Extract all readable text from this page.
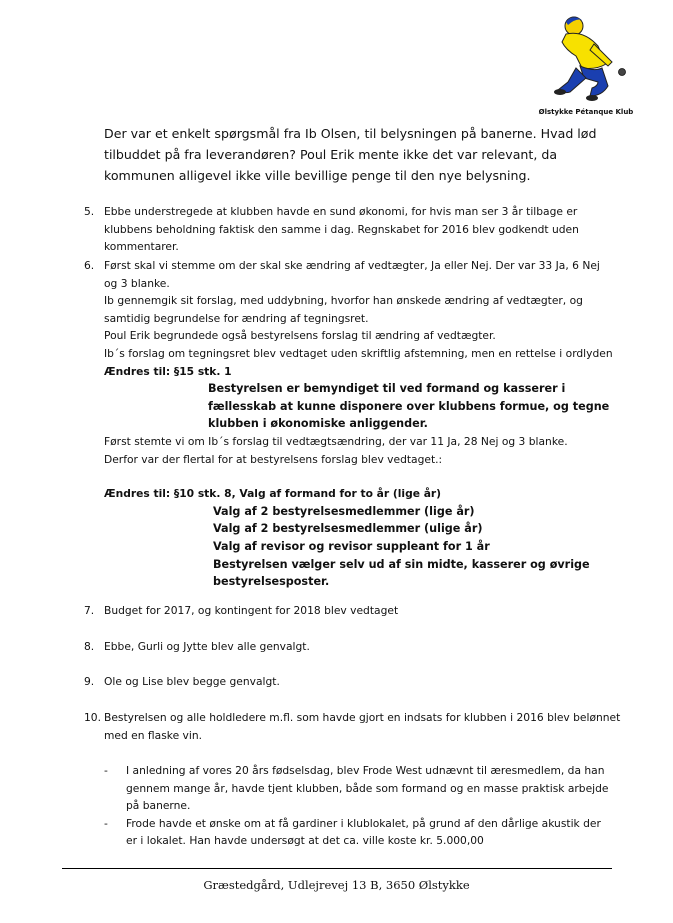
Ølstykke Pétanque Klub
Der var et enkelt spørgsmål fra Ib Olsen, til belysningen på banerne. Hvad lød tilbuddet på fra leverandøren? Poul Erik mente ikke det var relevant, da kommunen alligevel ikke ville bevillige penge til den nye belysning.
5. Ebbe understregede at klubben havde en sund økonomi, for hvis man ser 3 år tilbage er klubbens beholdning faktisk den samme i dag. Regnskabet for 2016 blev godkendt uden kommentarer.
6. Først skal vi stemme om der skal ske ændring af vedtægter, Ja eller Nej. Der var 33 Ja, 6 Nej
og 3 blanke.
Ib gennemgik sit forslag, med uddybning, hvorfor han ønskede ændring af vedtægter, og samtidig begrundelse for ændring af tegningsret.
Poul Erik begrundede også bestyrelsens forslag til ændring af vedtægter.
Ib´s forslag om tegningsret blev vedtaget uden skriftlig afstemning, men en rettelse i ordlyden
Ændres til: §15 stk. 1
Bestyrelsen er bemyndiget til ved formand og kasserer i fællesskab at kunne disponere over klubbens formue, og tegne klubben i økonomiske anliggender.
Først stemte vi om Ib´s forslag til vedtægtsændring, der var 11 Ja, 28 Nej og 3 blanke.
Derfor var der flertal for at bestyrelsens forslag blev vedtaget.:
Ændres til: §10 stk. 8, Valg af formand for to år (lige år)
Valg af 2 bestyrelsesmedlemmer (lige år)
Valg af 2 bestyrelsesmedlemmer (ulige år)
Valg af revisor og revisor suppleant for 1 år
Bestyrelsen vælger selv ud af sin midte, kasserer og øvrige bestyrelsesposter.
7. Budget for 2017, og kontingent for 2018 blev vedtaget
8. Ebbe, Gurli og Jytte blev alle genvalgt.
9. Ole og Lise blev begge genvalgt.
10. Bestyrelsen og alle holdledere m.fl. som havde gjort en indsats for klubben i 2016 blev belønnet med en flaske vin.
- I anledning af vores 20 års fødselsdag, blev Frode West udnævnt til æresmedlem, da han gennem mange år, havde tjent klubben, både som formand og en masse praktisk arbejde på banerne.
- Frode havde et ønske om at få gardiner i klublokalet, på grund af den dårlige akustik der er i lokalet. Han havde undersøgt at det ca. ville koste kr. 5.000,00
Græstedgård, Udlejrevej 13 B, 3650 Ølstykke
